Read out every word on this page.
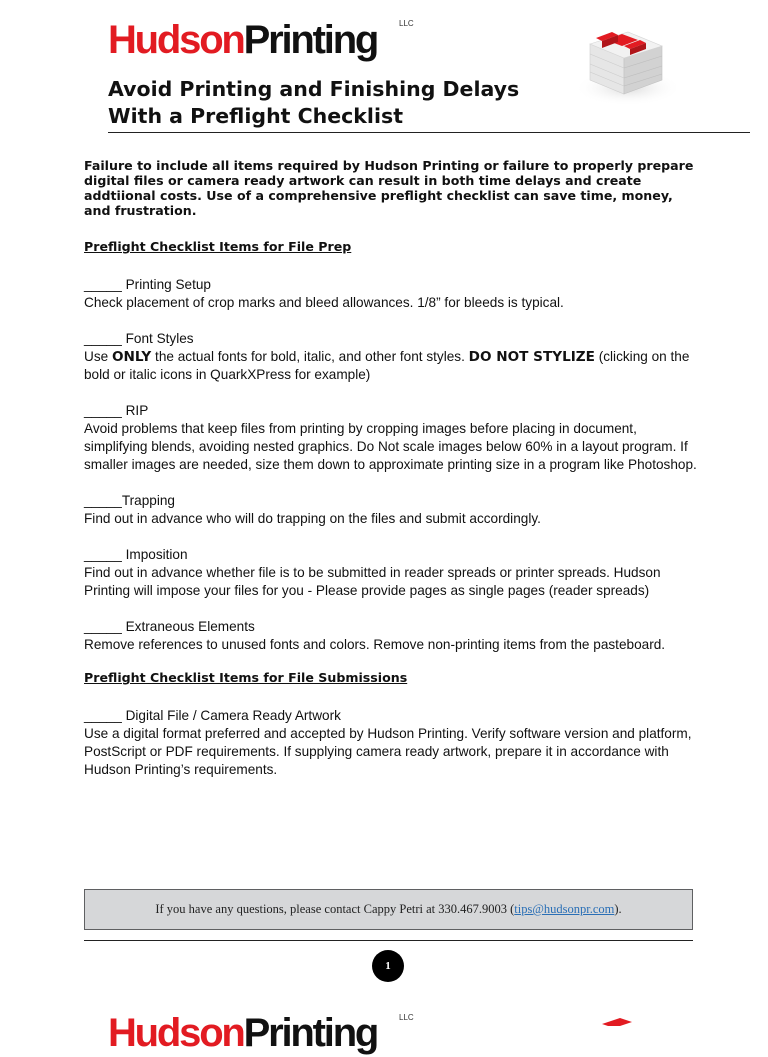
HudsonPrinting	LLC
Avoid Printing and Finishing Delays
With a Preflight Checklist

Failure to include all items required by Hudson Printing or failure to properly prepare digital files or camera ready artwork can result in both time delays and create addtiional costs. Use of a comprehensive preflight checklist can save time, money, and frustration.

Preflight Checklist Items for File Prep

_____ Printing Setup

Check placement of crop marks and bleed allowances. 1/8” for bleeds is typical.

_____ Font Styles

Use ONLY the actual fonts for bold, italic, and other font styles. DO NOT STYLIZE (clicking on the bold or italic icons in QuarkXPress for example)

_____ RIP

Avoid problems that keep files from printing by cropping images before placing in document, simplifying blends, avoiding nested graphics. Do Not scale images below 60% in a layout program. If smaller images are needed, size them down to approximate printing size in a program like Photoshop.

_____Trapping

Find out in advance who will do trapping on the files and submit accordingly.

_____ Imposition

Find out in advance whether file is to be submitted in reader spreads or printer spreads. Hudson Printing will impose your files for you - Please provide pages as single pages (reader spreads)

_____ Extraneous Elements

Remove references to unused fonts and colors. Remove non-printing items from the pasteboard.

Preflight Checklist Items for File Submissions

_____ Digital File / Camera Ready Artwork

Use a digital format preferred and accepted by Hudson Printing. Verify software version and platform, PostScript or PDF requirements. If supplying camera ready artwork, prepare it in accordance with Hudson Printing’s requirements.

If you have any questions, please contact Cappy Petri at 330.467.9003 ( tips@hudsonpr.com ).
1
HudsonPrinting	LLC
